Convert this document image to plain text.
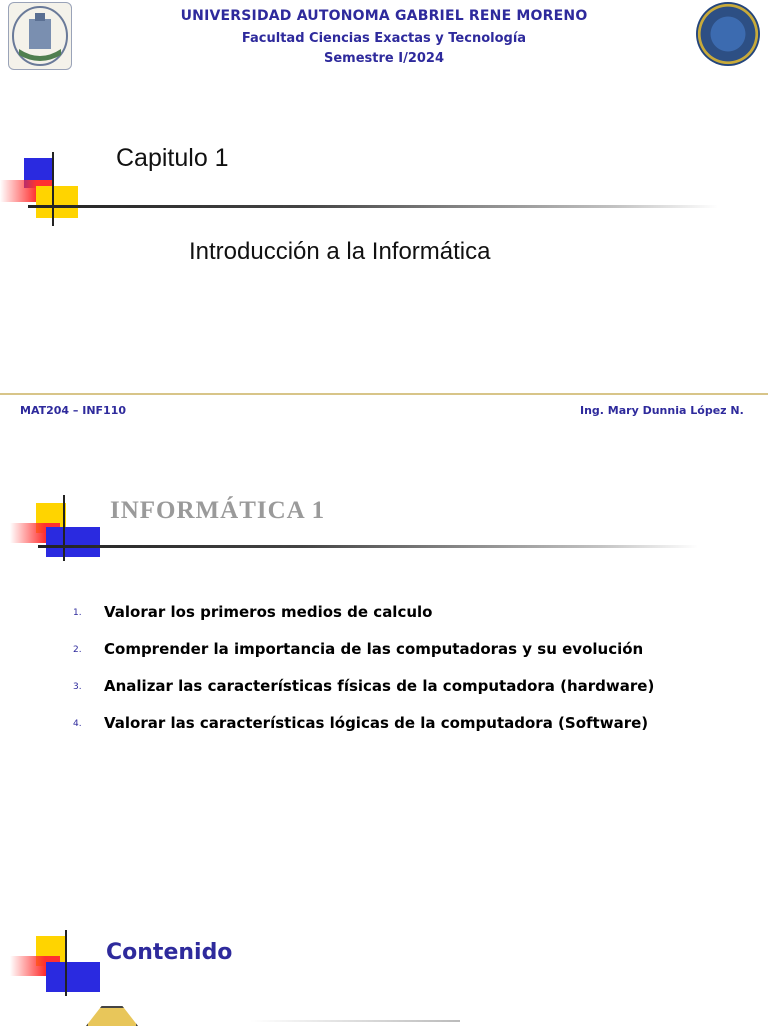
UNIVERSIDAD AUTONOMA GABRIEL RENE MORENO
Facultad Ciencias Exactas y Tecnología
Semestre I/2024
Capitulo 1
Introducción a la Informática
MAT204 – INF110	Ing. Mary Dunnia López N.
INFORMÁTICA 1
1. Valorar los primeros medios de calculo
2. Comprender la importancia de las computadoras y su evolución
3. Analizar las características físicas de la computadora (hardware)
4. Valorar las características lógicas de la computadora (Software)
Contenido
